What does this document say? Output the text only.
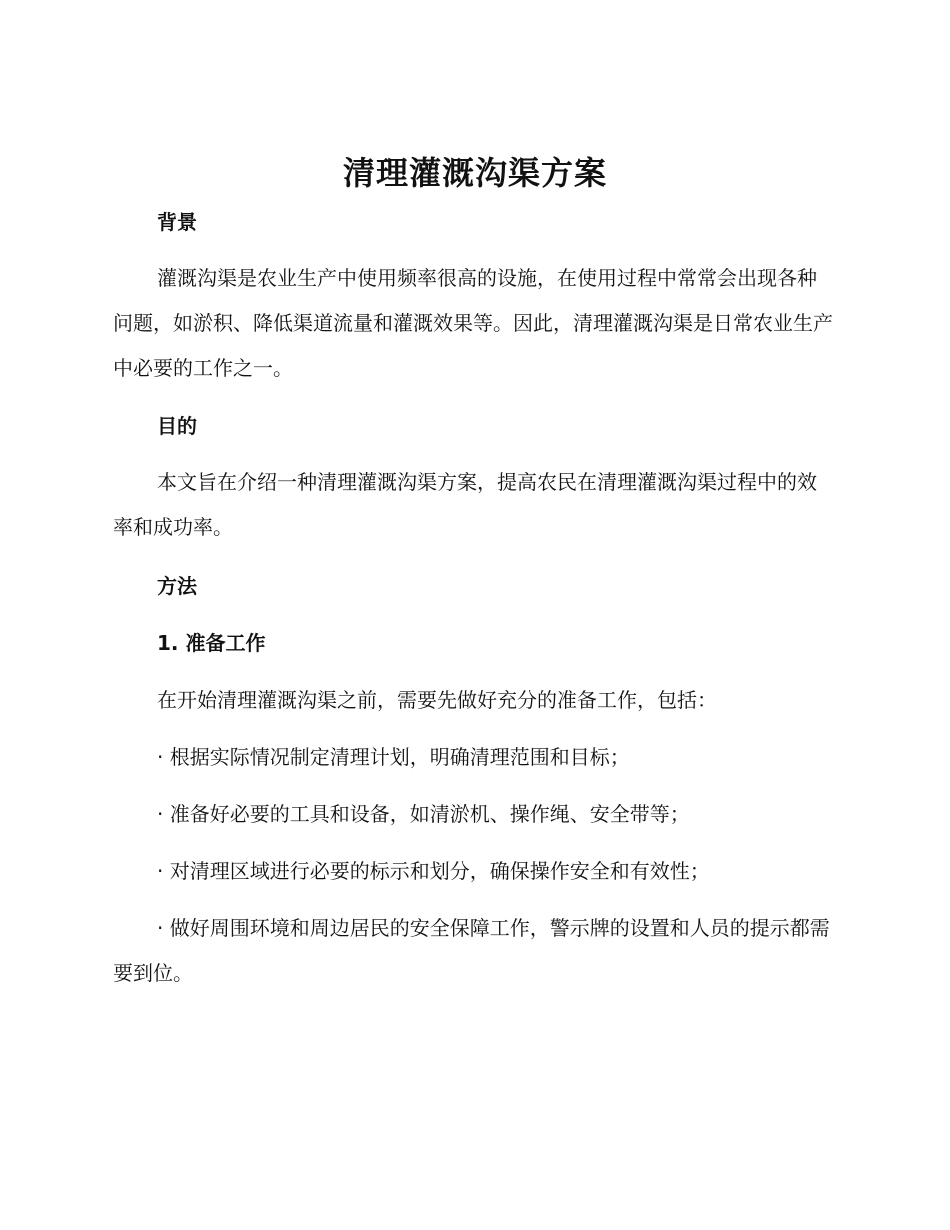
清理灌溉沟渠方案
背景

灌溉沟渠是农业生产中使用频率很高的设施，在使用过程中常常会出现各种问题，如淤积、降低渠道流量和灌溉效果等。因此，清理灌溉沟渠是日常农业生产中必要的工作之一。

目的

本文旨在介绍一种清理灌溉沟渠方案，提高农民在清理灌溉沟渠过程中的效率和成功率。

方法
1. 准备工作

在开始清理灌溉沟渠之前，需要先做好充分的准备工作，包括：

· 根据实际情况制定清理计划，明确清理范围和目标；

· 准备好必要的工具和设备，如清淤机、操作绳、安全带等；

· 对清理区域进行必要的标示和划分，确保操作安全和有效性；

· 做好周围环境和周边居民的安全保障工作，警示牌的设置和人员的提示都需要到位。
